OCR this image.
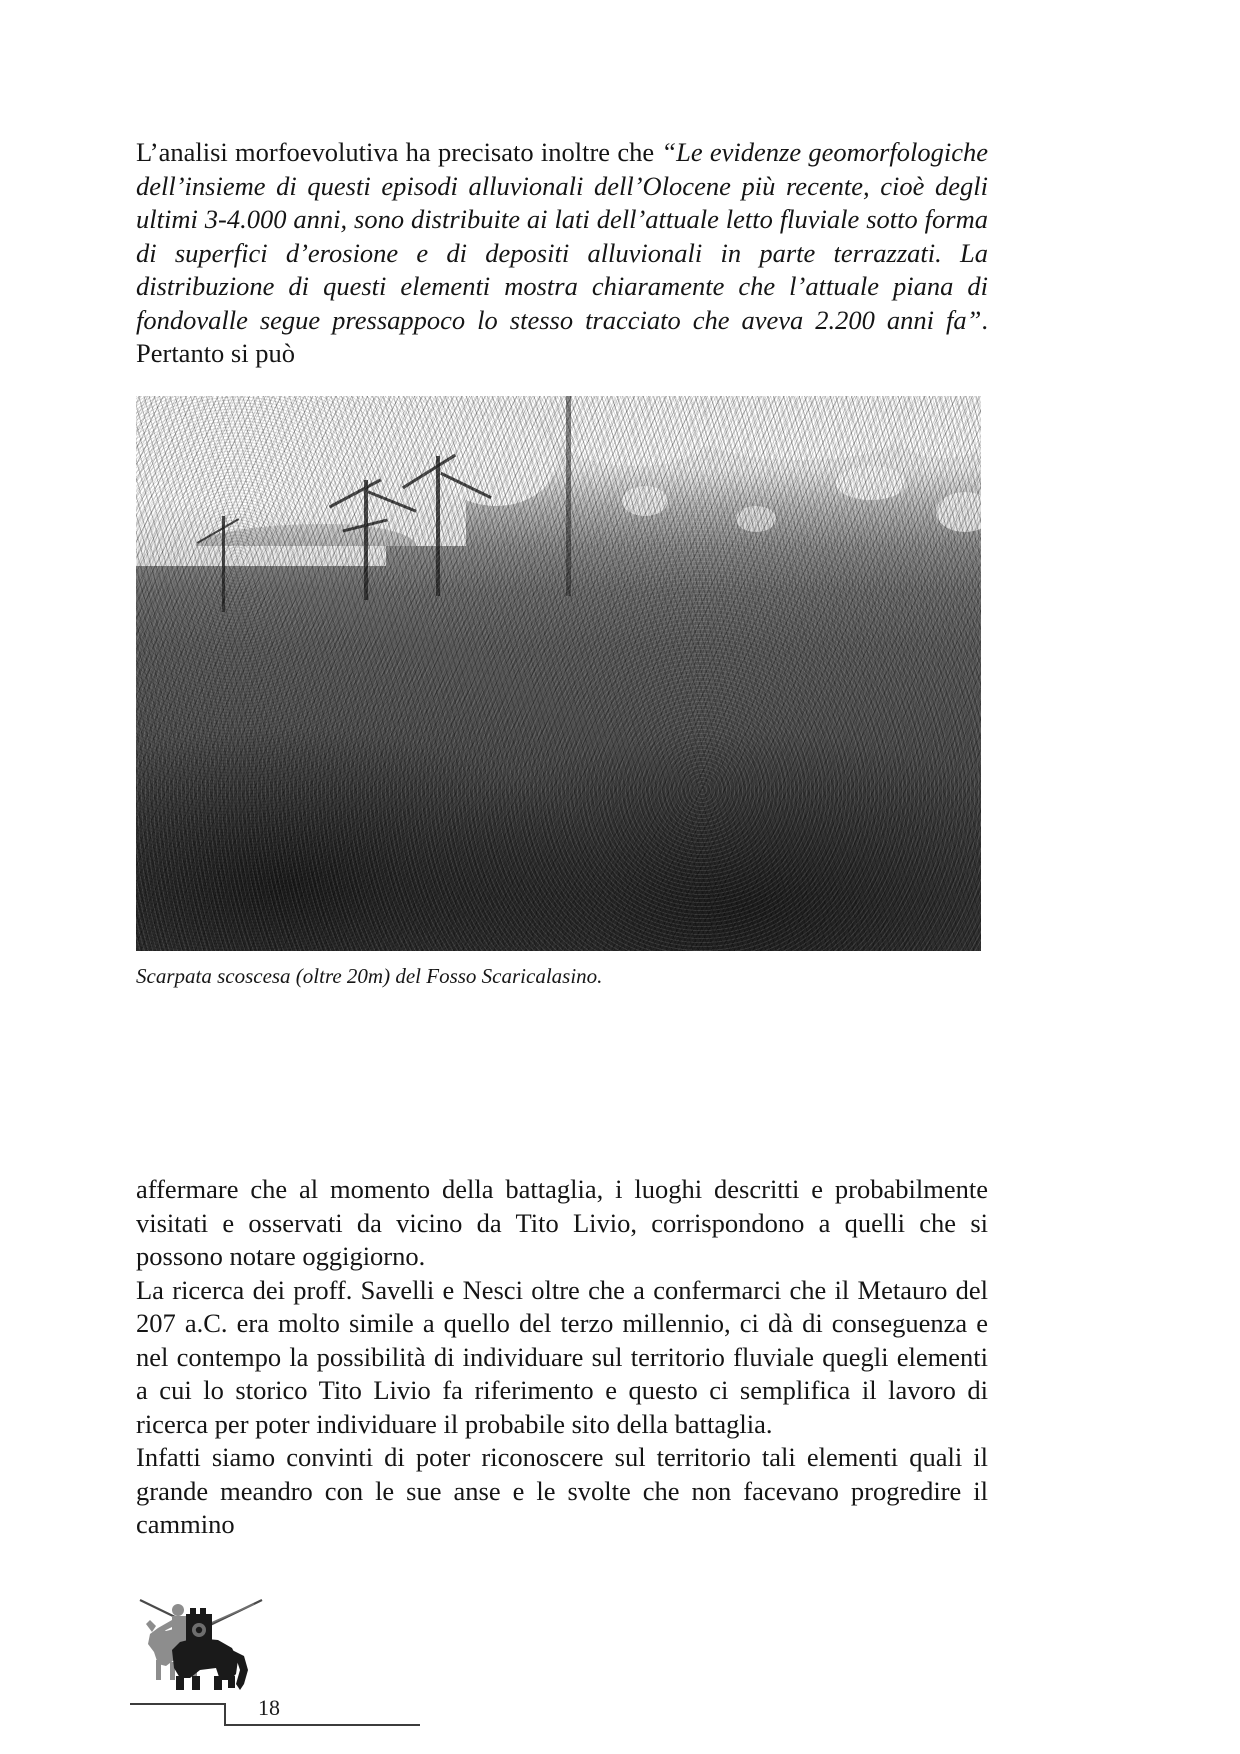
L’analisi morfoevolutiva ha precisato inoltre che “Le evidenze geomorfologiche dell’insieme di questi episodi alluvionali dell’Olocene più recente, cioè degli ultimi 3-4.000 anni, sono distribuite ai lati dell’attuale letto fluviale sotto forma di superfici d’erosione e di depositi alluvionali in parte terrazzati. La distribuzione di questi elementi mostra chiaramente che l’attuale piana di fondovalle segue pressappoco lo stesso tracciato che aveva 2.200 anni fa”. Pertanto si può

Scarpata scoscesa (oltre 20m) del Fosso Scaricalasino.

affermare che al momento della battaglia, i luoghi descritti e probabilmente visitati e osservati da vicino da Tito Livio, corrispondono a quelli che si possono notare oggigiorno.

La ricerca dei proff. Savelli e Nesci oltre che a confermarci che il Metauro del 207 a.C. era molto simile a quello del terzo millennio, ci dà di conseguenza e nel contempo la possibilità di individuare sul territorio fluviale quegli elementi a cui lo storico Tito Livio fa riferimento e questo ci semplifica il lavoro di ricerca per poter individuare il probabile sito della battaglia.

Infatti siamo convinti di poter riconoscere sul territorio tali elementi quali il grande meandro con le sue anse e le svolte che non facevano progredire il cammino

18
